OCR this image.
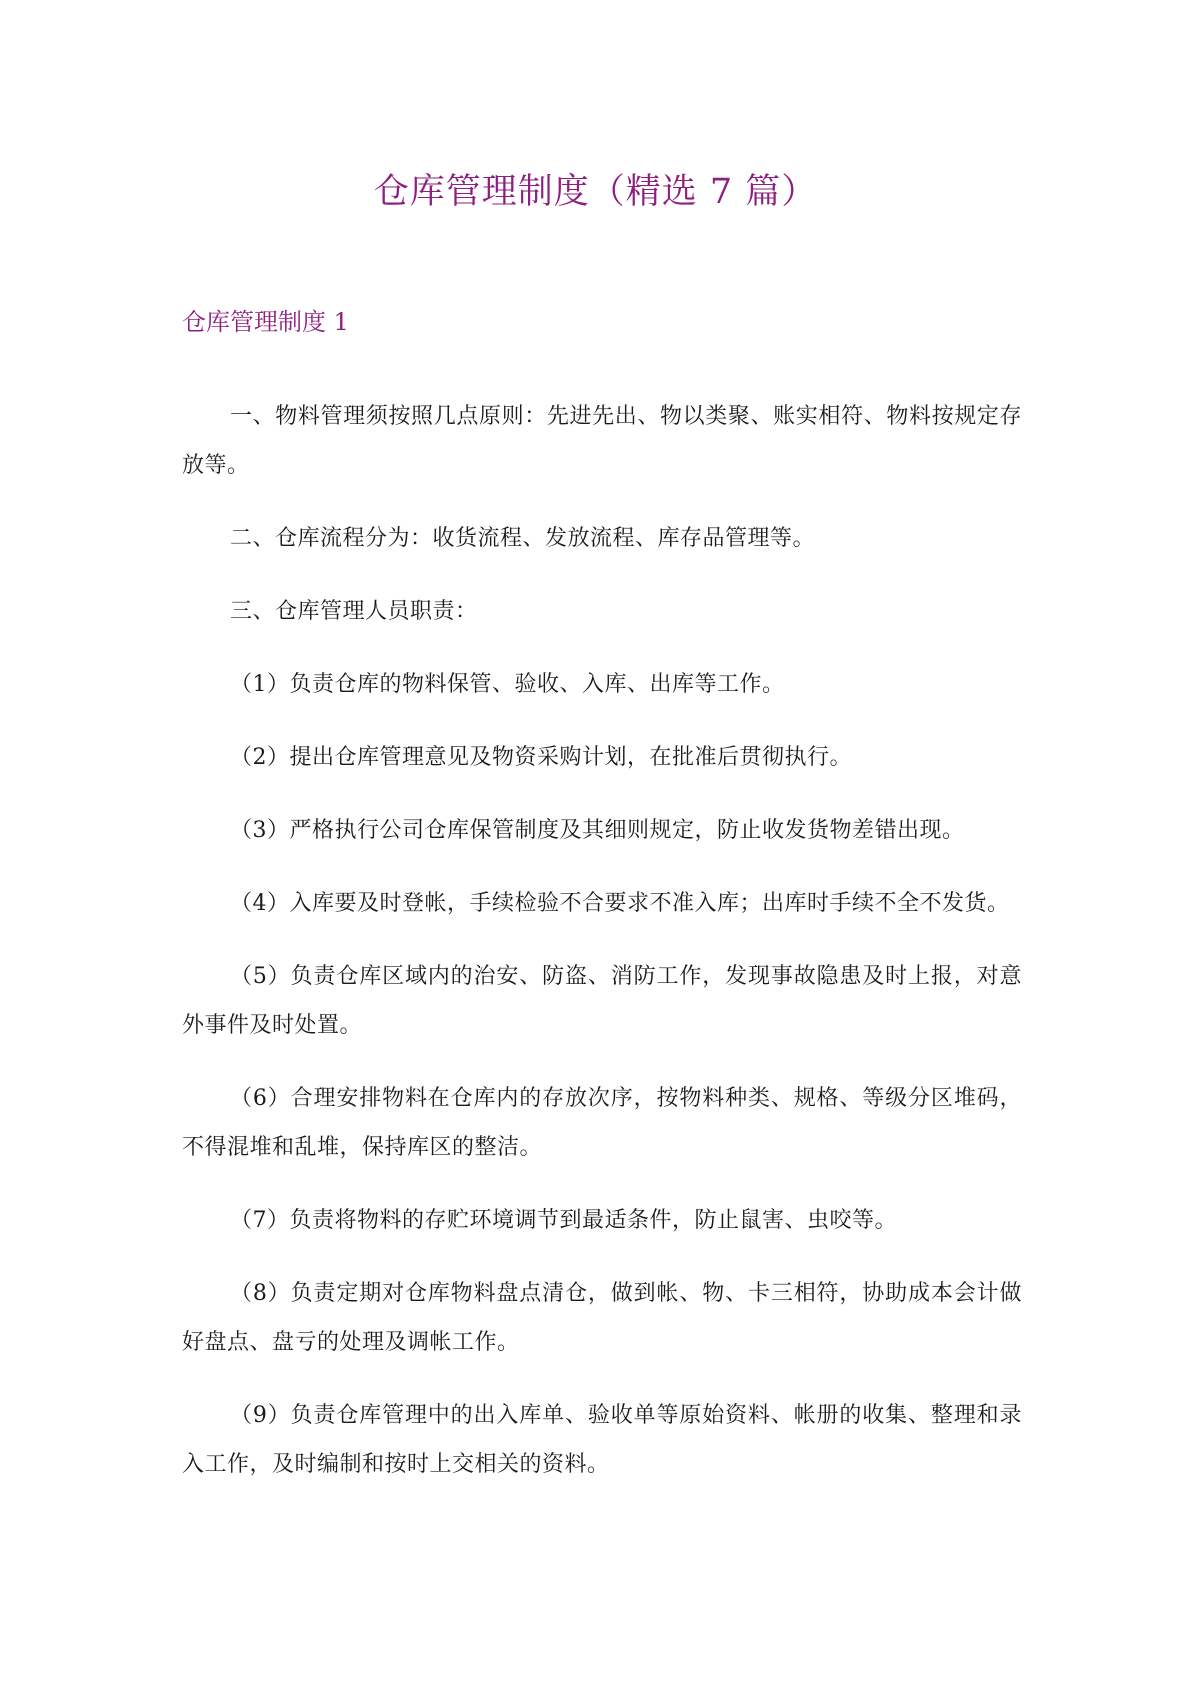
仓库管理制度（精选 7 篇）
仓库管理制度 1

一、物料管理须按照几点原则：先进先出、物以类聚、账实相符、物料按规定存放等。

二、仓库流程分为：收货流程、发放流程、库存品管理等。

三、仓库管理人员职责：

（1）负责仓库的物料保管、验收、入库、出库等工作。

（2）提出仓库管理意见及物资采购计划，在批准后贯彻执行。

（3）严格执行公司仓库保管制度及其细则规定，防止收发货物差错出现。

（4）入库要及时登帐，手续检验不合要求不准入库；出库时手续不全不发货。

（5）负责仓库区域内的治安、防盗、消防工作，发现事故隐患及时上报，对意外事件及时处置。

（6）合理安排物料在仓库内的存放次序，按物料种类、规格、等级分区堆码，不得混堆和乱堆，保持库区的整洁。

（7）负责将物料的存贮环境调节到最适条件，防止鼠害、虫咬等。

（8）负责定期对仓库物料盘点清仓，做到帐、物、卡三相符，协助成本会计做好盘点、盘亏的处理及调帐工作。

（9）负责仓库管理中的出入库单、验收单等原始资料、帐册的收集、整理和录入工作，及时编制和按时上交相关的资料。
